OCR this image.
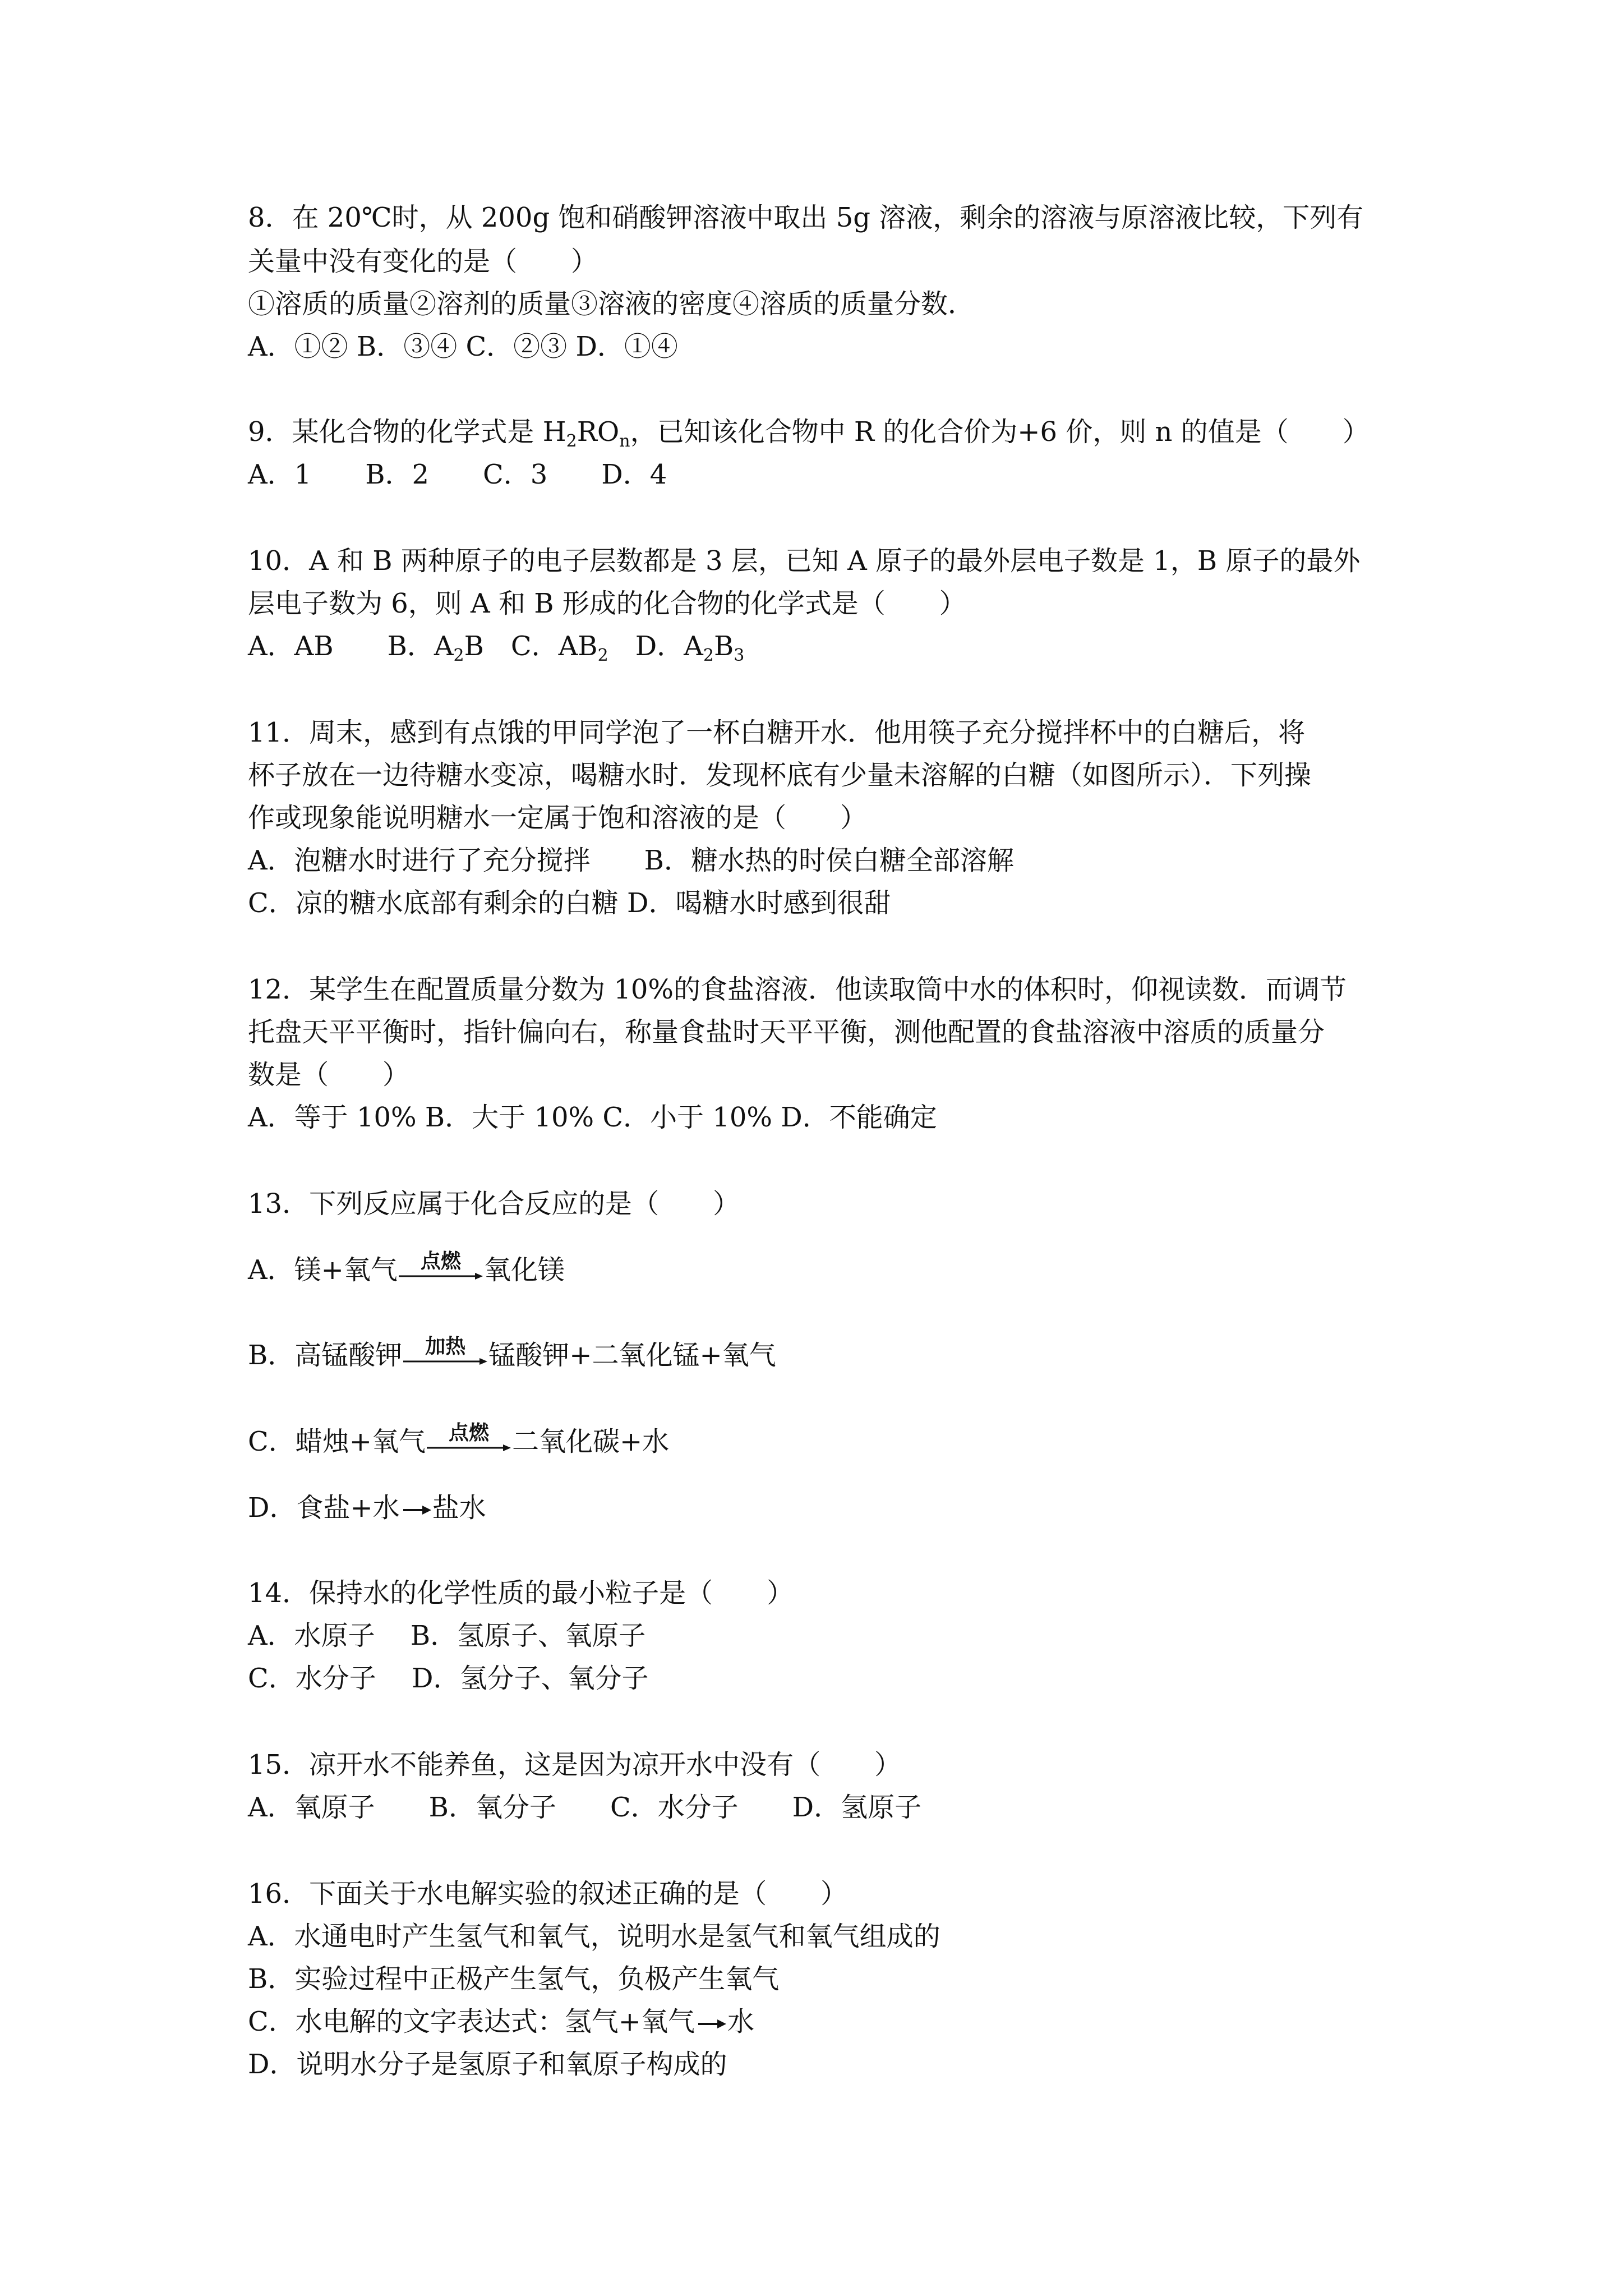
8．在 20℃时，从 200g 饱和硝酸钾溶液中取出 5g 溶液，剩余的溶液与原溶液比较，下列有
关量中没有变化的是（　　）
①溶质的质量②溶剂的质量③溶液的密度④溶质的质量分数．
A．①② B．③④ C．②③ D．①④
9．某化合物的化学式是 $H_2RO_n$，已知该化合物中 R 的化合价为+6 价，则 n 的值是（　　）
A．1　　B．2　　C．3　　D．4
10．A 和 B 两种原子的电子层数都是 3 层，已知 A 原子的最外层电子数是 1，B 原子的最外
层电子数为 6，则 A 和 B 形成的化合物的化学式是（　　）
A．AB　　B．$A_2B$　C．$AB_2$　D．$A_2B_3$
11．周末，感到有点饿的甲同学泡了一杯白糖开水．他用筷子充分搅拌杯中的白糖后，将
杯子放在一边待糖水变凉，喝糖水时．发现杯底有少量未溶解的白糖（如图所示）．下列操
作或现象能说明糖水一定属于饱和溶液的是（　　）
A．泡糖水时进行了充分搅拌　　B．糖水热的时侯白糖全部溶解
C．凉的糖水底部有剩余的白糖 D．喝糖水时感到很甜
12．某学生在配置质量分数为 10%的食盐溶液．他读取筒中水的体积时，仰视读数．而调节
托盘天平平衡时，指针偏向右，称量食盐时天平平衡，测他配置的食盐溶液中溶质的质量分
数是（　　）
A．等于 10% B．大于 10% C．小于 10% D．不能确定
13．下列反应属于化合反应的是（　　）
A．镁+氧气 点燃 氧化镁
B．高锰酸钾 加热 锰酸钾+二氧化锰+氧气
C．蜡烛+氧气 点燃 二氧化碳+水
D．食盐+水 盐水
14．保持水的化学性质的最小粒子是（　　）
A．水原子　 B．氢原子、氧原子
C．水分子　 D．氢分子、氧分子
15．凉开水不能养鱼，这是因为凉开水中没有（　　）
A．氧原子　　B．氧分子　　C．水分子　　D．氢原子
16．下面关于水电解实验的叙述正确的是（　　）
A．水通电时产生氢气和氧气，说明水是氢气和氧气组成的
B．实验过程中正极产生氢气，负极产生氧气
C．水电解的文字表达式：氢气+氧气 水
D．说明水分子是氢原子和氧原子构成的
